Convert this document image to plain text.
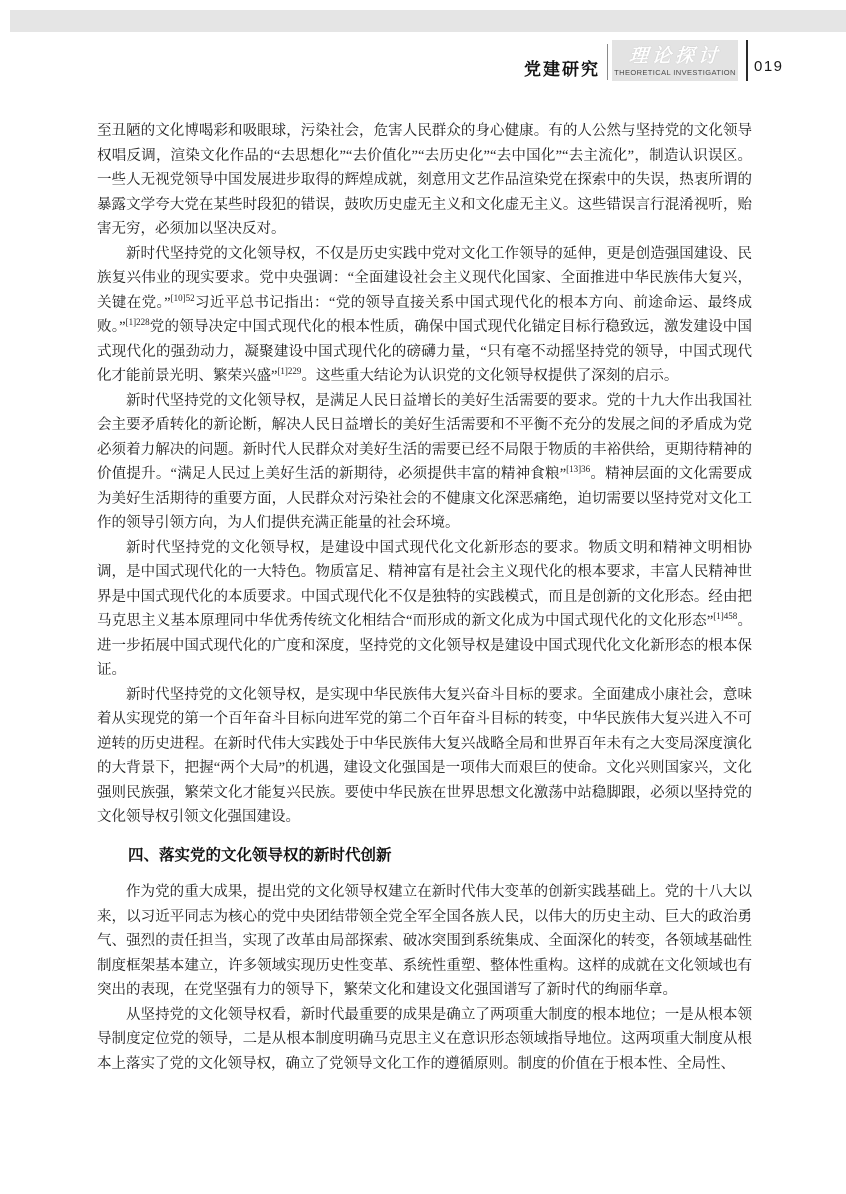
党建研究
理论探讨
THEORETICAL INVESTIGATION 019

至丑陋的文化博喝彩和吸眼球，污染社会，危害人民群众的身心健康。有的人公然与坚持党的文化领导权唱反调，渲染文化作品的“去思想化”“去价值化”“去历史化”“去中国化”“去主流化”，制造认识误区。一些人无视党领导中国发展进步取得的辉煌成就，刻意用文艺作品渲染党在探索中的失误，热衷所谓的暴露文学夸大党在某些时段犯的错误，鼓吹历史虚无主义和文化虚无主义。这些错误言行混淆视听，贻害无穷，必须加以坚决反对。

新时代坚持党的文化领导权，不仅是历史实践中党对文化工作领导的延伸，更是创造强国建设、民族复兴伟业的现实要求。党中央强调：“全面建设社会主义现代化国家、全面推进中华民族伟大复兴，关键在党。”$^{[10]52}$习近平总书记指出：“党的领导直接关系中国式现代化的根本方向、前途命运、最终成败。”$^{[1]228}$党的领导决定中国式现代化的根本性质，确保中国式现代化锚定目标行稳致远，激发建设中国式现代化的强劲动力，凝聚建设中国式现代化的磅礴力量，“只有毫不动摇坚持党的领导，中国式现代化才能前景光明、繁荣兴盛”$^{[1]229}$。这些重大结论为认识党的文化领导权提供了深刻的启示。

新时代坚持党的文化领导权，是满足人民日益增长的美好生活需要的要求。党的十九大作出我国社会主要矛盾转化的新论断，解决人民日益增长的美好生活需要和不平衡不充分的发展之间的矛盾成为党必须着力解决的问题。新时代人民群众对美好生活的需要已经不局限于物质的丰裕供给，更期待精神的价值提升。“满足人民过上美好生活的新期待，必须提供丰富的精神食粮”$^{[13]36}$。精神层面的文化需要成为美好生活期待的重要方面，人民群众对污染社会的不健康文化深恶痛绝，迫切需要以坚持党对文化工作的领导引领方向，为人们提供充满正能量的社会环境。

新时代坚持党的文化领导权，是建设中国式现代化文化新形态的要求。物质文明和精神文明相协调，是中国式现代化的一大特色。物质富足、精神富有是社会主义现代化的根本要求，丰富人民精神世界是中国式现代化的本质要求。中国式现代化不仅是独特的实践模式，而且是创新的文化形态。经由把马克思主义基本原理同中华优秀传统文化相结合“而形成的新文化成为中国式现代化的文化形态”$^{[1]458}$。进一步拓展中国式现代化的广度和深度，坚持党的文化领导权是建设中国式现代化文化新形态的根本保证。

新时代坚持党的文化领导权，是实现中华民族伟大复兴奋斗目标的要求。全面建成小康社会，意味着从实现党的第一个百年奋斗目标向进军党的第二个百年奋斗目标的转变，中华民族伟大复兴进入不可逆转的历史进程。在新时代伟大实践处于中华民族伟大复兴战略全局和世界百年未有之大变局深度演化的大背景下，把握“两个大局”的机遇，建设文化强国是一项伟大而艰巨的使命。文化兴则国家兴，文化强则民族强，繁荣文化才能复兴民族。要使中华民族在世界思想文化激荡中站稳脚跟，必须以坚持党的文化领导权引领文化强国建设。

四、落实党的文化领导权的新时代创新

作为党的重大成果，提出党的文化领导权建立在新时代伟大变革的创新实践基础上。党的十八大以来，以习近平同志为核心的党中央团结带领全党全军全国各族人民，以伟大的历史主动、巨大的政治勇气、强烈的责任担当，实现了改革由局部探索、破冰突围到系统集成、全面深化的转变，各领域基础性制度框架基本建立，许多领域实现历史性变革、系统性重塑、整体性重构。这样的成就在文化领域也有突出的表现，在党坚强有力的领导下，繁荣文化和建设文化强国谱写了新时代的绚丽华章。

从坚持党的文化领导权看，新时代最重要的成果是确立了两项重大制度的根本地位；一是从根本领导制度定位党的领导，二是从根本制度明确马克思主义在意识形态领域指导地位。这两项重大制度从根本上落实了党的文化领导权，确立了党领导文化工作的遵循原则。制度的价值在于根本性、全局性、
